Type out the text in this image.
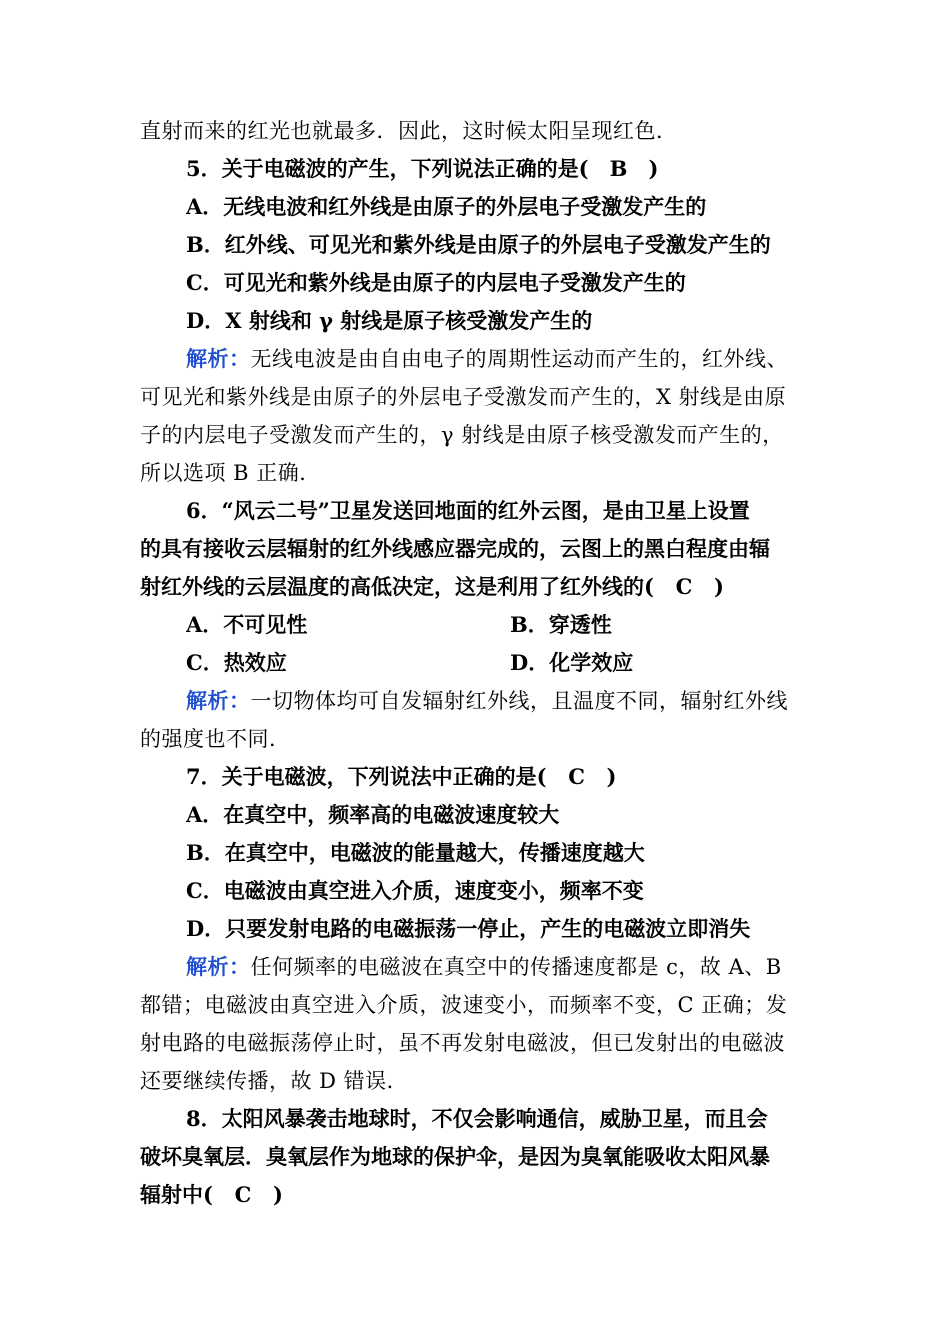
直射而来的红光也就最多．因此，这时候太阳呈现红色．
5．关于电磁波的产生，下列说法正确的是( B )
A．无线电波和红外线是由原子的外层电子受激发产生的
B．红外线、可见光和紫外线是由原子的外层电子受激发产生的
C．可见光和紫外线是由原子的内层电子受激发产生的
D．X 射线和 γ 射线是原子核受激发产生的
解析：无线电波是由自由电子的周期性运动而产生的，红外线、
可见光和紫外线是由原子的外层电子受激发而产生的，X 射线是由原
子的内层电子受激发而产生的，γ 射线是由原子核受激发而产生的，
所以选项 B 正确．
6．“风云二号”卫星发送回地面的红外云图，是由卫星上设置
的具有接收云层辐射的红外线感应器完成的，云图上的黑白程度由辐
射红外线的云层温度的高低决定，这是利用了红外线的( C )
A．不可见性	B．穿透性
C．热效应	D．化学效应
解析：一切物体均可自发辐射红外线，且温度不同，辐射红外线
的强度也不同．
7．关于电磁波，下列说法中正确的是( C )
A．在真空中，频率高的电磁波速度较大
B．在真空中，电磁波的能量越大，传播速度越大
C．电磁波由真空进入介质，速度变小，频率不变
D．只要发射电路的电磁振荡一停止，产生的电磁波立即消失
解析：任何频率的电磁波在真空中的传播速度都是 c，故 A、B
都错；电磁波由真空进入介质，波速变小，而频率不变，C 正确；发
射电路的电磁振荡停止时，虽不再发射电磁波，但已发射出的电磁波
还要继续传播，故 D 错误．
8．太阳风暴袭击地球时，不仅会影响通信，威胁卫星，而且会
破坏臭氧层．臭氧层作为地球的保护伞，是因为臭氧能吸收太阳风暴
辐射中( C )
